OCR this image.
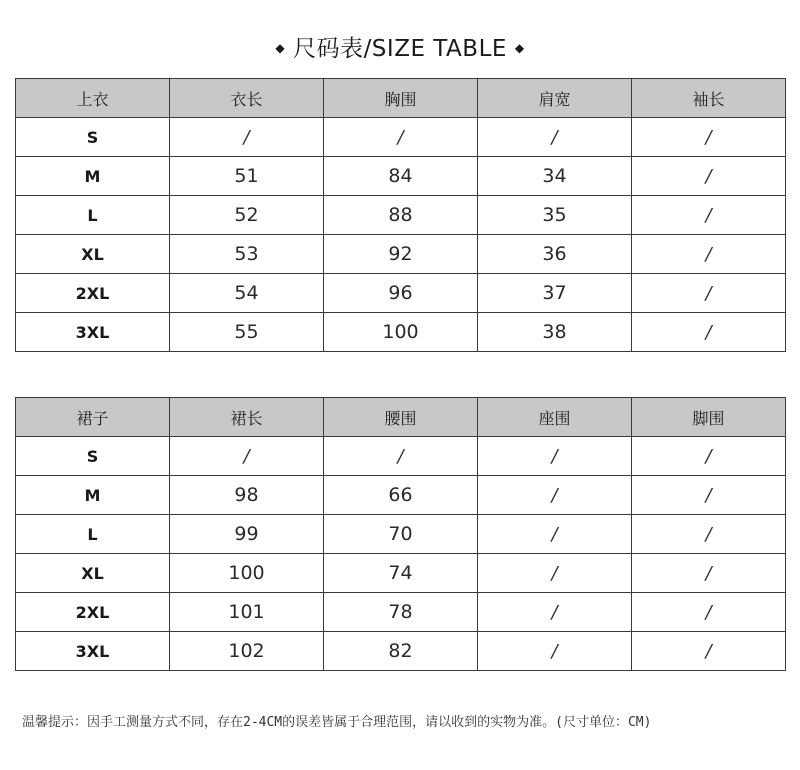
◆ 尺码表/SIZE TABLE ◆
上衣	衣长	胸围	肩宽	袖长
S	/	/	/	/
M	51	84	34	/
L	52	88	35	/
XL	53	92	36	/
2XL	54	96	37	/
3XL	55	100	38	/
裙子	裙长	腰围	座围	脚围
S	/	/	/	/
M	98	66	/	/
L	99	70	/	/
XL	100	74	/	/
2XL	101	78	/	/
3XL	102	82	/	/
温馨提示：因手工测量方式不同，存在2-4CM的误差皆属于合理范围，请以收到的实物为准。(尺寸单位：CM)
